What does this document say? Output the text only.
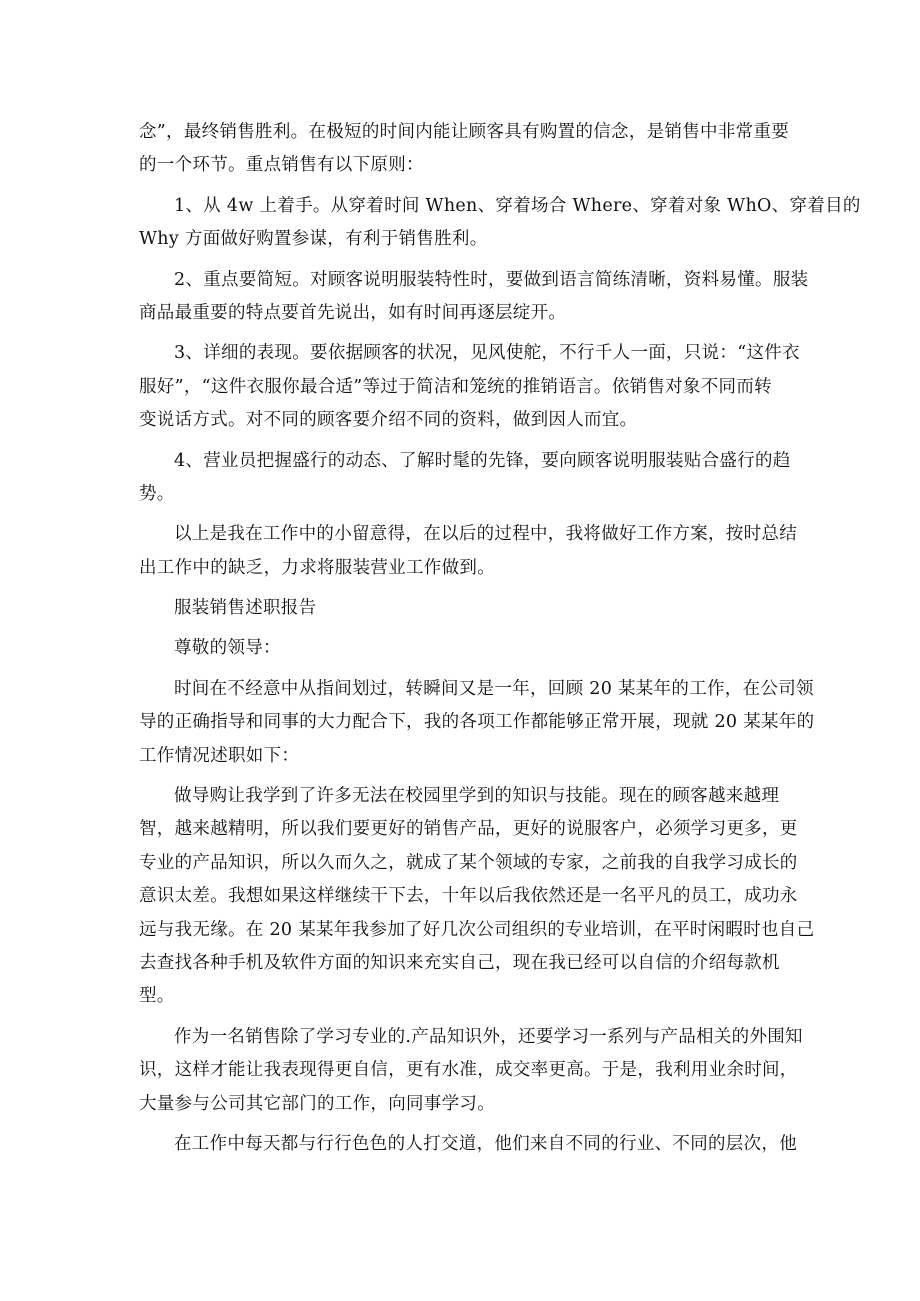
念”，最终销售胜利。在极短的时间内能让顾客具有购置的信念，是销售中非常重要
的一个环节。重点销售有以下原则：
1、从 4w 上着手。从穿着时间 When、穿着场合 Where、穿着对象 WhO、穿着目的
Why 方面做好购置参谋，有利于销售胜利。
2、重点要简短。对顾客说明服装特性时，要做到语言简练清晰，资料易懂。服装
商品最重要的特点要首先说出，如有时间再逐层绽开。
3、详细的表现。要依据顾客的状况，见风使舵，不行千人一面，只说：“这件衣
服好”，“这件衣服你最合适”等过于简洁和笼统的推销语言。依销售对象不同而转
变说话方式。对不同的顾客要介绍不同的资料，做到因人而宜。
4、营业员把握盛行的动态、了解时髦的先锋，要向顾客说明服装贴合盛行的趋
势。
以上是我在工作中的小留意得，在以后的过程中，我将做好工作方案，按时总结
出工作中的缺乏，力求将服装营业工作做到。
服装销售述职报告
尊敬的领导：
时间在不经意中从指间划过，转瞬间又是一年，回顾 20 某某年的工作，在公司领
导的正确指导和同事的大力配合下，我的各项工作都能够正常开展，现就 20 某某年的
工作情况述职如下：
做导购让我学到了许多无法在校园里学到的知识与技能。现在的顾客越来越理
智，越来越精明，所以我们要更好的销售产品，更好的说服客户，必须学习更多，更
专业的产品知识，所以久而久之，就成了某个领域的专家，之前我的自我学习成长的
意识太差。我想如果这样继续干下去，十年以后我依然还是一名平凡的员工，成功永
远与我无缘。在 20 某某年我参加了好几次公司组织的专业培训，在平时闲暇时也自己
去查找各种手机及软件方面的知识来充实自己，现在我已经可以自信的介绍每款机
型。
作为一名销售除了学习专业的.产品知识外，还要学习一系列与产品相关的外围知
识，这样才能让我表现得更自信，更有水准，成交率更高。于是，我利用业余时间，
大量参与公司其它部门的工作，向同事学习。
在工作中每天都与行行色色的人打交道，他们来自不同的行业、不同的层次，他
